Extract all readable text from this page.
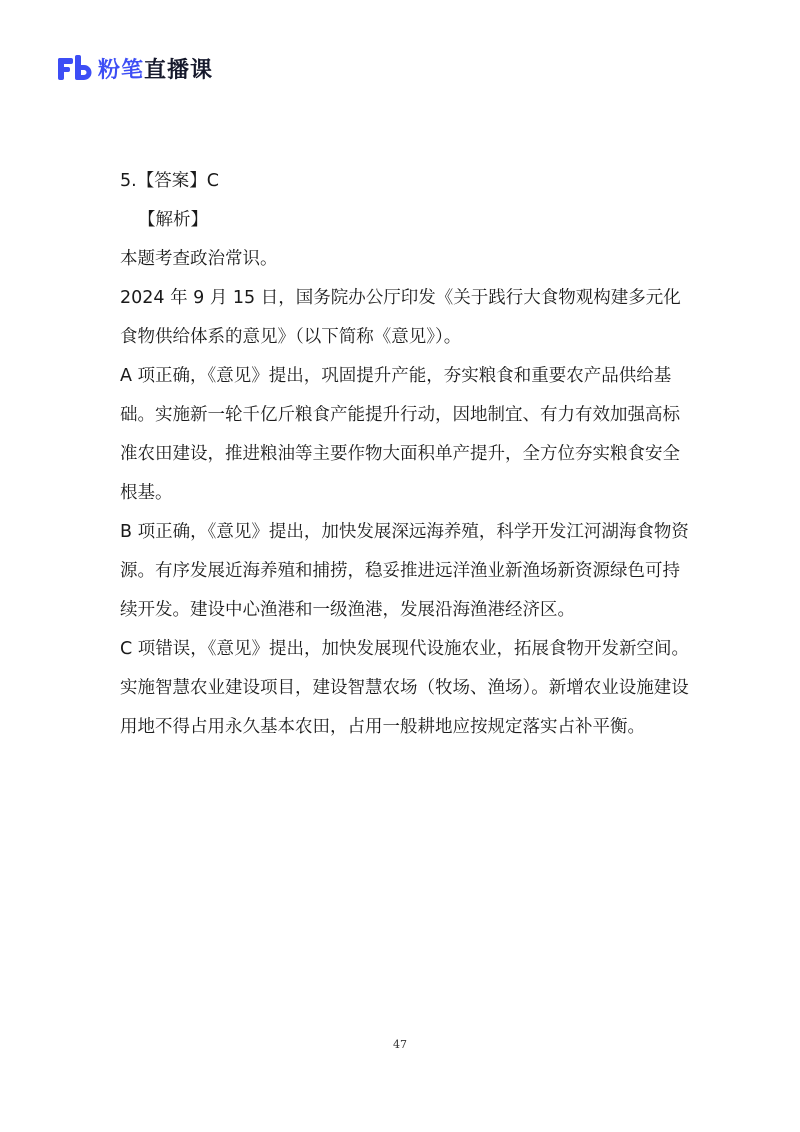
粉笔直播课

5.【答案】C

【解析】

本题考查政治常识。

2024 年 9 月 15 日，国务院办公厅印发《关于践行大食物观构建多元化食物供给体系的意见》（以下简称《意见》）。

A 项正确，《意见》提出，巩固提升产能，夯实粮食和重要农产品供给基础。实施新一轮千亿斤粮食产能提升行动，因地制宜、有力有效加强高标准农田建设，推进粮油等主要作物大面积单产提升，全方位夯实粮食安全根基。

B 项正确，《意见》提出，加快发展深远海养殖，科学开发江河湖海食物资源。有序发展近海养殖和捕捞，稳妥推进远洋渔业新渔场新资源绿色可持续开发。建设中心渔港和一级渔港，发展沿海渔港经济区。

C 项错误，《意见》提出，加快发展现代设施农业，拓展食物开发新空间。实施智慧农业建设项目，建设智慧农场（牧场、渔场）。新增农业设施建设用地不得占用永久基本农田，占用一般耕地应按规定落实占补平衡。

47
